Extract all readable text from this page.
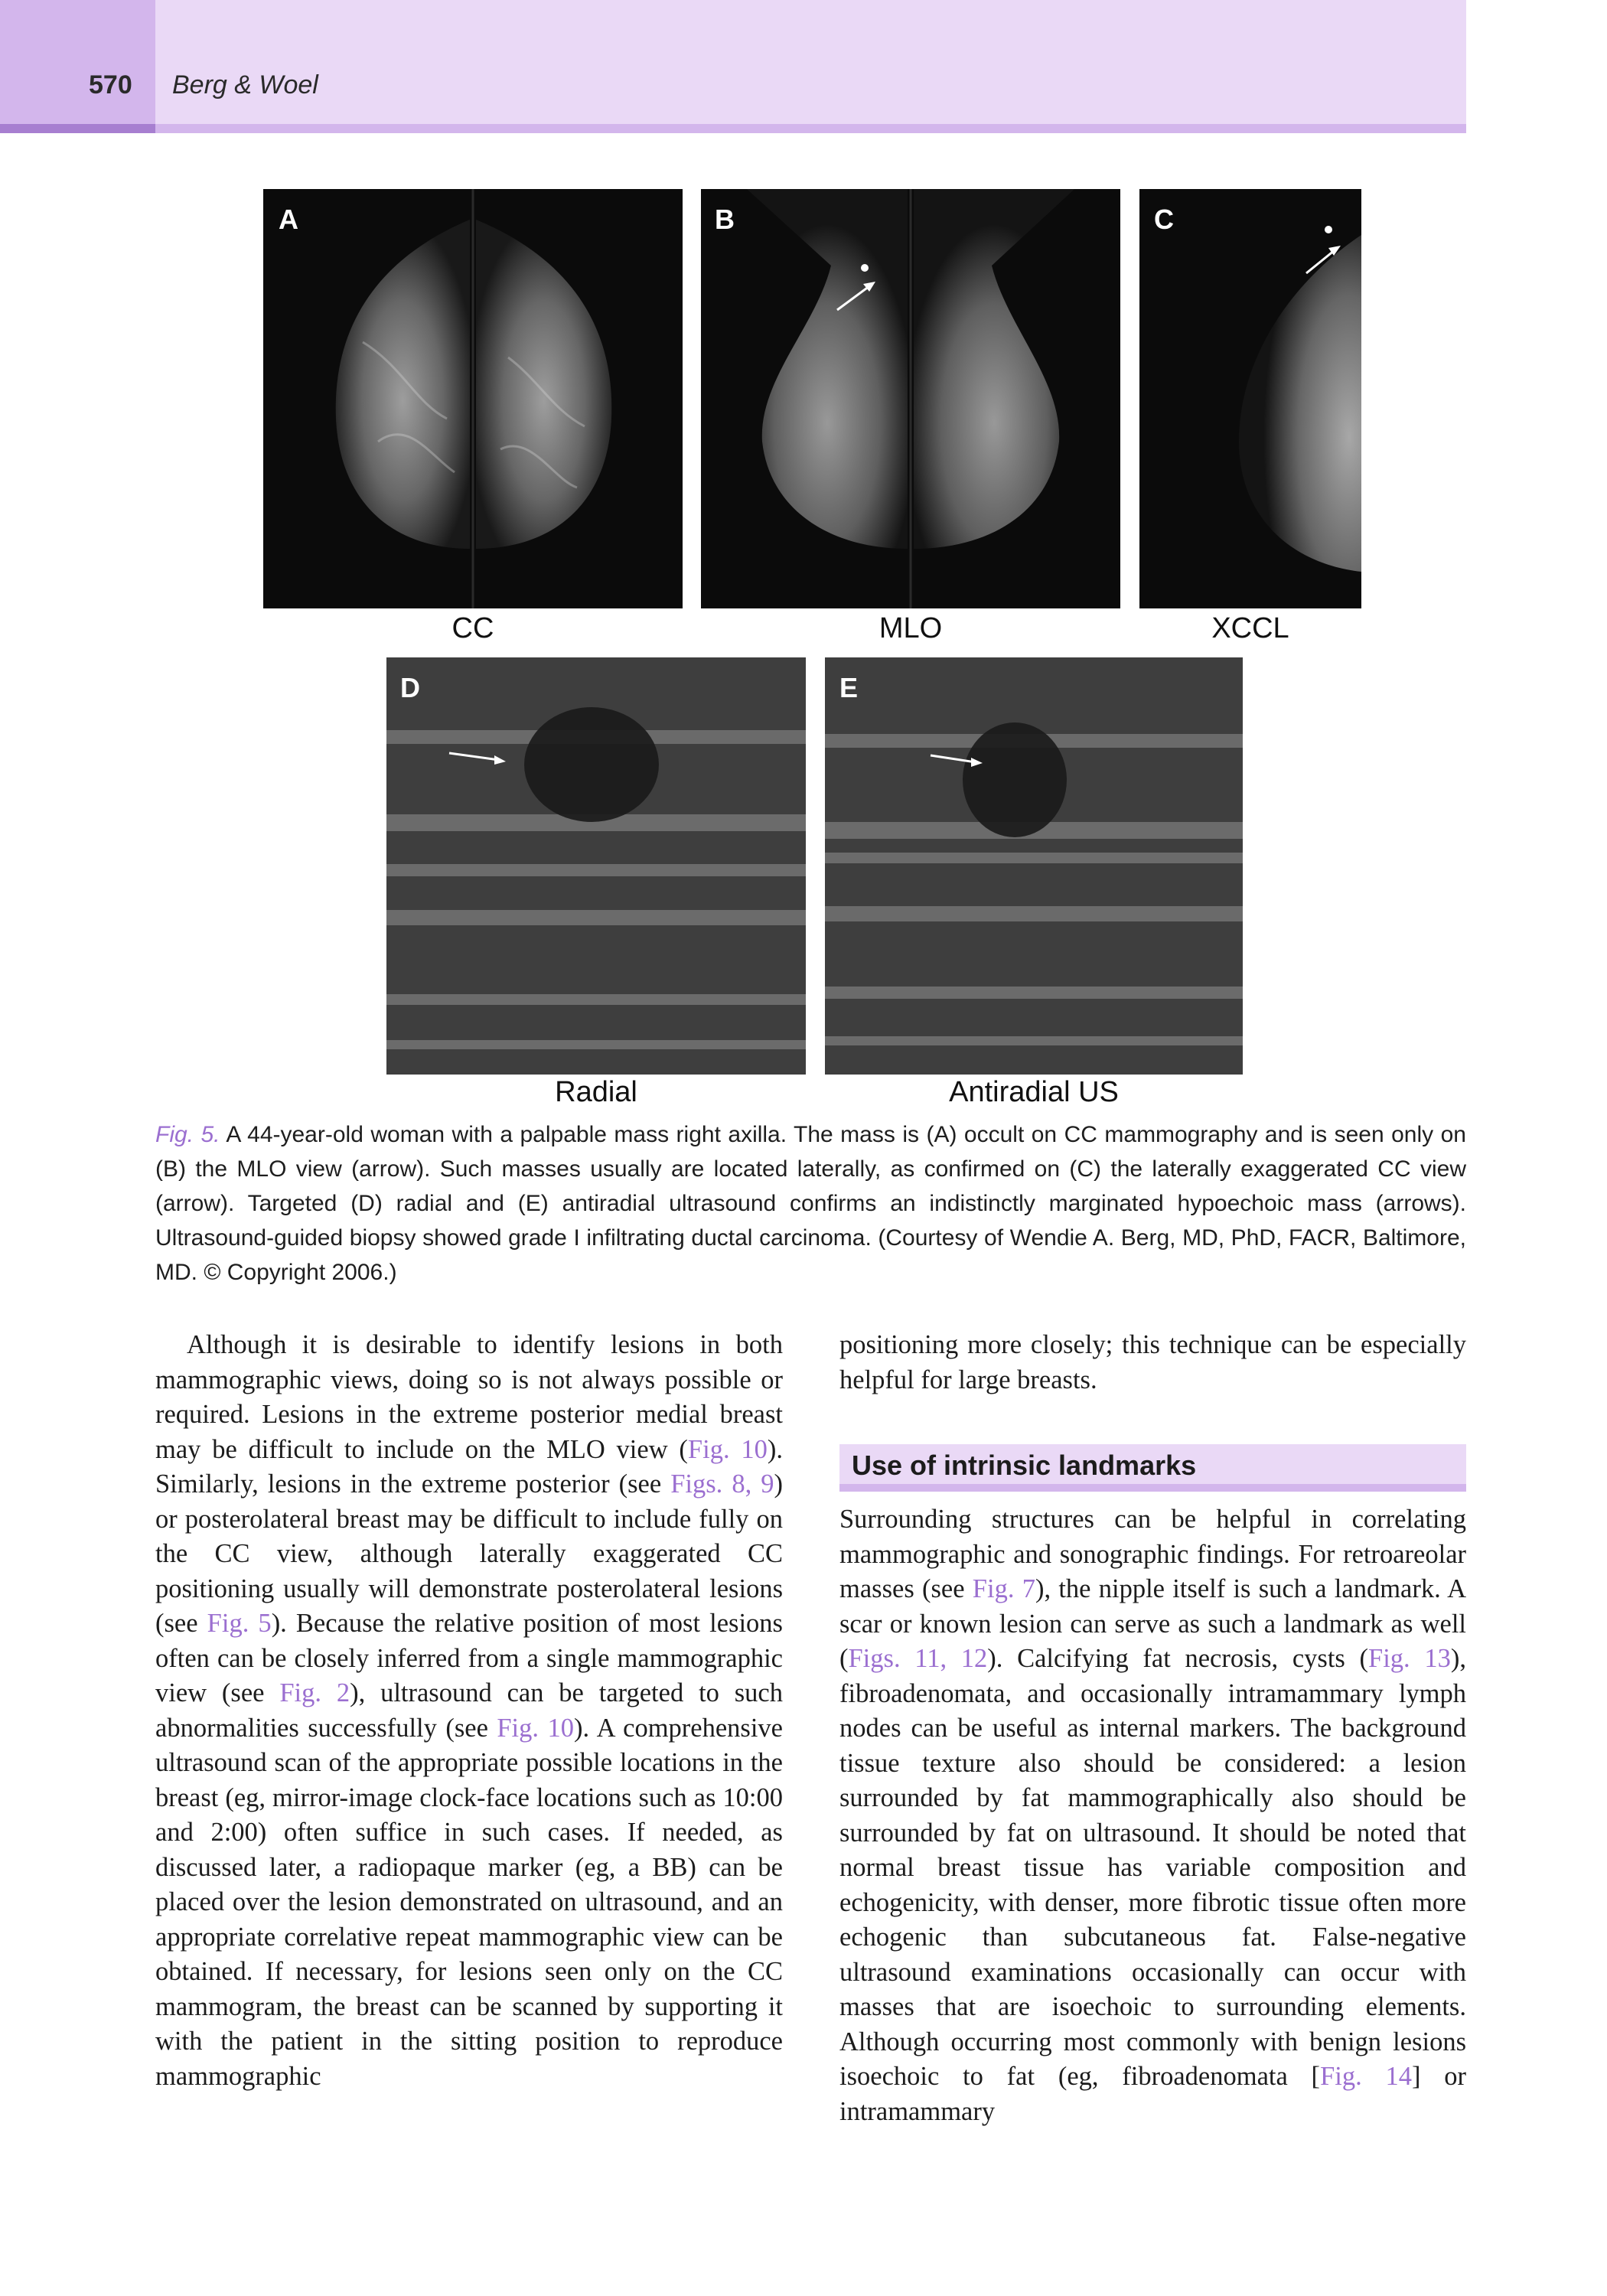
570 Berg & Woel
A
CC
B
MLO
C
XCCL
D
Radial
E
Antiradial US
Fig. 5. A 44-year-old woman with a palpable mass right axilla. The mass is (A) occult on CC mammography and is seen only on (B) the MLO view (arrow). Such masses usually are located laterally, as confirmed on (C) the laterally exaggerated CC view (arrow). Targeted (D) radial and (E) antiradial ultrasound confirms an indistinctly marginated hypoechoic mass (arrows). Ultrasound-guided biopsy showed grade I infiltrating ductal carcinoma. (Courtesy of Wendie A. Berg, MD, PhD, FACR, Baltimore, MD. © Copyright 2006.)

Although it is desirable to identify lesions in both mammographic views, doing so is not always possible or required. Lesions in the extreme posterior medial breast may be difficult to include on the MLO view (Fig. 10). Similarly, lesions in the extreme posterior (see Figs. 8, 9) or posterolateral breast may be difficult to include fully on the CC view, although laterally exaggerated CC positioning usually will demonstrate posterolateral lesions (see Fig. 5). Because the relative position of most lesions often can be closely inferred from a single mammographic view (see Fig. 2), ultrasound can be targeted to such abnormalities successfully (see Fig. 10). A comprehensive ultrasound scan of the appropriate possible locations in the breast (eg, mirror-image clock-face locations such as 10:00 and 2:00) often suffice in such cases. If needed, as discussed later, a radiopaque marker (eg, a BB) can be placed over the lesion demonstrated on ultrasound, and an appropriate correlative repeat mammographic view can be obtained. If necessary, for lesions seen only on the CC mammogram, the breast can be scanned by supporting it with the patient in the sitting position to reproduce mammographic

positioning more closely; this technique can be especially helpful for large breasts.

Use of intrinsic landmarks

Surrounding structures can be helpful in correlating mammographic and sonographic findings. For retroareolar masses (see Fig. 7), the nipple itself is such a landmark. A scar or known lesion can serve as such a landmark as well (Figs. 11, 12). Calcifying fat necrosis, cysts (Fig. 13), fibroadenomata, and occasionally intramammary lymph nodes can be useful as internal markers. The background tissue texture also should be considered: a lesion surrounded by fat mammographically also should be surrounded by fat on ultrasound. It should be noted that normal breast tissue has variable composition and echogenicity, with denser, more fibrotic tissue often more echogenic than subcutaneous fat. False-negative ultrasound examinations occasionally can occur with masses that are isoechoic to surrounding elements. Although occurring most commonly with benign lesions isoechoic to fat (eg, fibroadenomata [Fig. 14] or intramammary
